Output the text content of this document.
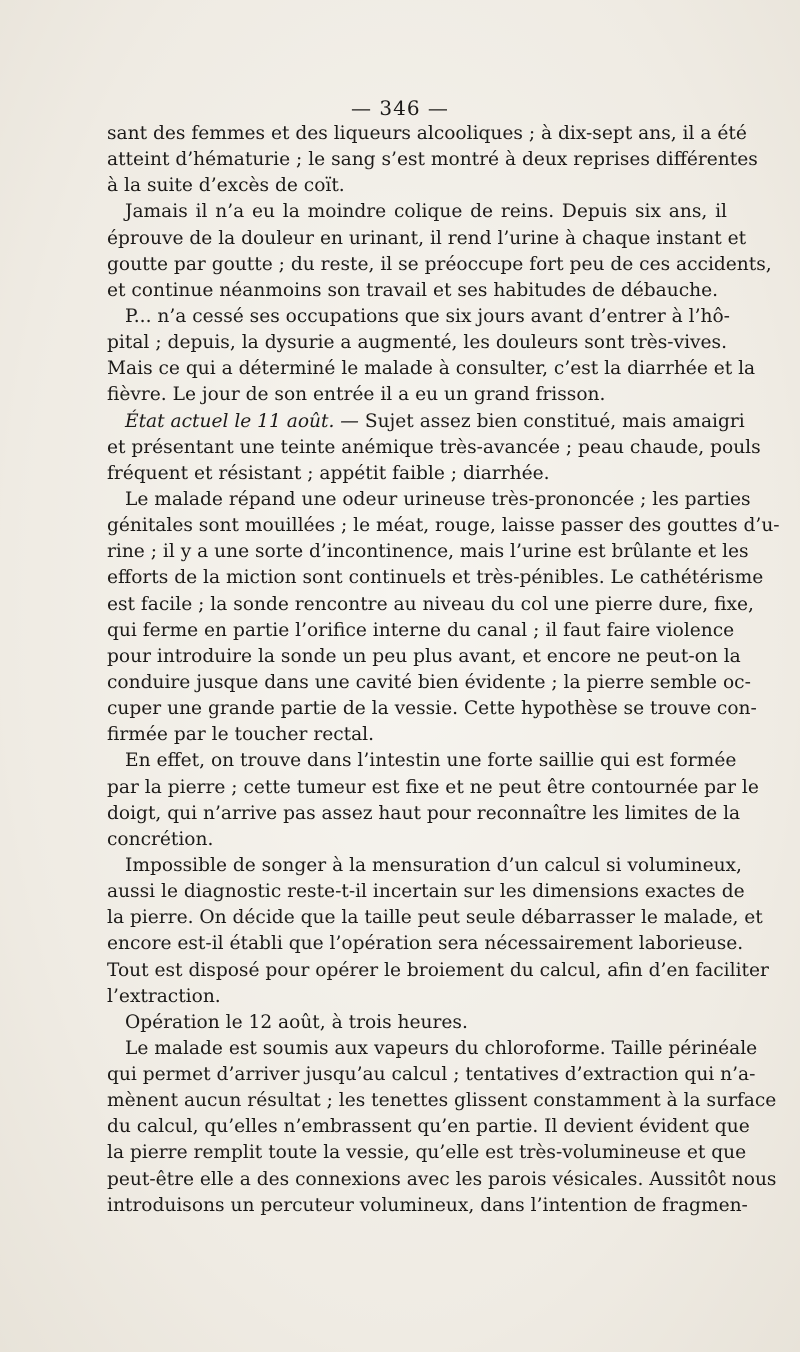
— 346 —
sant des femmes et des liqueurs alcooliques ; à dix-sept ans, il a été
atteint d’hématurie ; le sang s’est montré à deux reprises différentes
à la suite d’excès de coït.
Jamais il n’a eu la moindre colique de reins. Depuis six ans, il
éprouve de la douleur en urinant, il rend l’urine à chaque instant et
goutte par goutte ; du reste, il se préoccupe fort peu de ces accidents,
et continue néanmoins son travail et ses habitudes de débauche.
P... n’a cessé ses occupations que six jours avant d’entrer à l’hô-
pital ; depuis, la dysurie a augmenté, les douleurs sont très-vives.
Mais ce qui a déterminé le malade à consulter, c’est la diarrhée et la
fièvre. Le jour de son entrée il a eu un grand frisson.
État actuel le 11 août. — Sujet assez bien constitué, mais amaigri
et présentant une teinte anémique très-avancée ; peau chaude, pouls
fréquent et résistant ; appétit faible ; diarrhée.
Le malade répand une odeur urineuse très-prononcée ; les parties
génitales sont mouillées ; le méat, rouge, laisse passer des gouttes d’u-
rine ; il y a une sorte d’incontinence, mais l’urine est brûlante et les
efforts de la miction sont continuels et très-pénibles. Le cathétérisme
est facile ; la sonde rencontre au niveau du col une pierre dure, fixe,
qui ferme en partie l’orifice interne du canal ; il faut faire violence
pour introduire la sonde un peu plus avant, et encore ne peut-on la
conduire jusque dans une cavité bien évidente ; la pierre semble oc-
cuper une grande partie de la vessie. Cette hypothèse se trouve con-
firmée par le toucher rectal.
En effet, on trouve dans l’intestin une forte saillie qui est formée
par la pierre ; cette tumeur est fixe et ne peut être contournée par le
doigt, qui n’arrive pas assez haut pour reconnaître les limites de la
concrétion.
Impossible de songer à la mensuration d’un calcul si volumineux,
aussi le diagnostic reste-t-il incertain sur les dimensions exactes de
la pierre. On décide que la taille peut seule débarrasser le malade, et
encore est-il établi que l’opération sera nécessairement laborieuse.
Tout est disposé pour opérer le broiement du calcul, afin d’en faciliter
l’extraction.
Opération le 12 août, à trois heures.
Le malade est soumis aux vapeurs du chloroforme. Taille périnéale
qui permet d’arriver jusqu’au calcul ; tentatives d’extraction qui n’a-
mènent aucun résultat ; les tenettes glissent constamment à la surface
du calcul, qu’elles n’embrassent qu’en partie. Il devient évident que
la pierre remplit toute la vessie, qu’elle est très-volumineuse et que
peut-être elle a des connexions avec les parois vésicales. Aussitôt nous
introduisons un percuteur volumineux, dans l’intention de fragmen-
